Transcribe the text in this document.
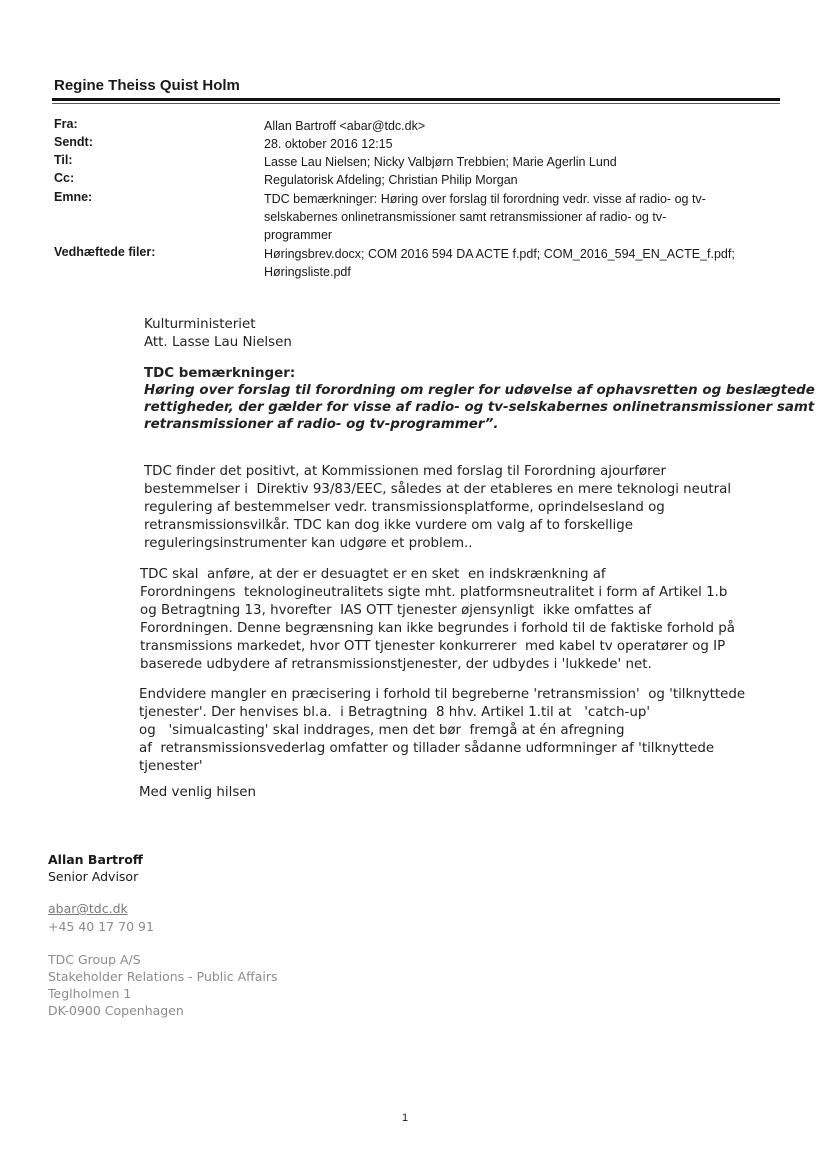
Regine Theiss Quist Holm
Fra:	Allan Bartroff <abar@tdc.dk>
Sendt:	28. oktober 2016 12:15
Til:	Lasse Lau Nielsen; Nicky Valbjørn Trebbien; Marie Agerlin Lund
Cc:	Regulatorisk Afdeling; Christian Philip Morgan
Emne:	TDC bemærkninger: Høring over forslag til forordning vedr. visse af radio- og tv-
selskabernes onlinetransmissioner samt retransmissioner af radio- og tv-
programmer
Vedhæftede filer:	Høringsbrev.docx; COM 2016 594 DA ACTE f.pdf; COM_2016_594_EN_ACTE_f.pdf;
Høringsliste.pdf
Kulturministeriet
Att. Lasse Lau Nielsen
TDC bemærkninger:
Høring over forslag til forordning om regler for udøvelse af ophavsretten og beslægtede
rettigheder, der gælder for visse af radio- og tv-selskabernes onlinetransmissioner samt
retransmissioner af radio- og tv-programmer”.
TDC finder det positivt, at Kommissionen med forslag til Forordning ajourfører
bestemmelser i  Direktiv 93/83/EEC, således at der etableres en mere teknologi neutral
regulering af bestemmelser vedr. transmissionsplatforme, oprindelsesland og
retransmissionsvilkår. TDC kan dog ikke vurdere om valg af to forskellige
reguleringsinstrumenter kan udgøre et problem..
TDC skal  anføre, at der er desuagtet er en sket  en indskrænkning af
Forordningens  teknologineutralitets sigte mht. platformsneutralitet i form af Artikel 1.b
og Betragtning 13, hvorefter  IAS OTT tjenester øjensynligt  ikke omfattes af
Forordningen. Denne begrænsning kan ikke begrundes i forhold til de faktiske forhold på
transmissions markedet, hvor OTT tjenester konkurrerer  med kabel tv operatører og IP
baserede udbydere af retransmissionstjenester, der udbydes i 'lukkede' net.
Endvidere mangler en præcisering i forhold til begreberne 'retransmission'  og 'tilknyttede
tjenester'. Der henvises bl.a.  i Betragtning  8 hhv. Artikel 1.til at   'catch-up'
og   'simualcasting' skal inddrages, men det bør  fremgå at én afregning
af  retransmissionsvederlag omfatter og tillader sådanne udformninger af 'tilknyttede
tjenester'
Med venlig hilsen
Allan Bartroff
Senior Advisor
abar@tdc.dk
+45 40 17 70 91
TDC Group A/S
Stakeholder Relations - Public Affairs
Teglholmen 1
DK-0900 Copenhagen
1
